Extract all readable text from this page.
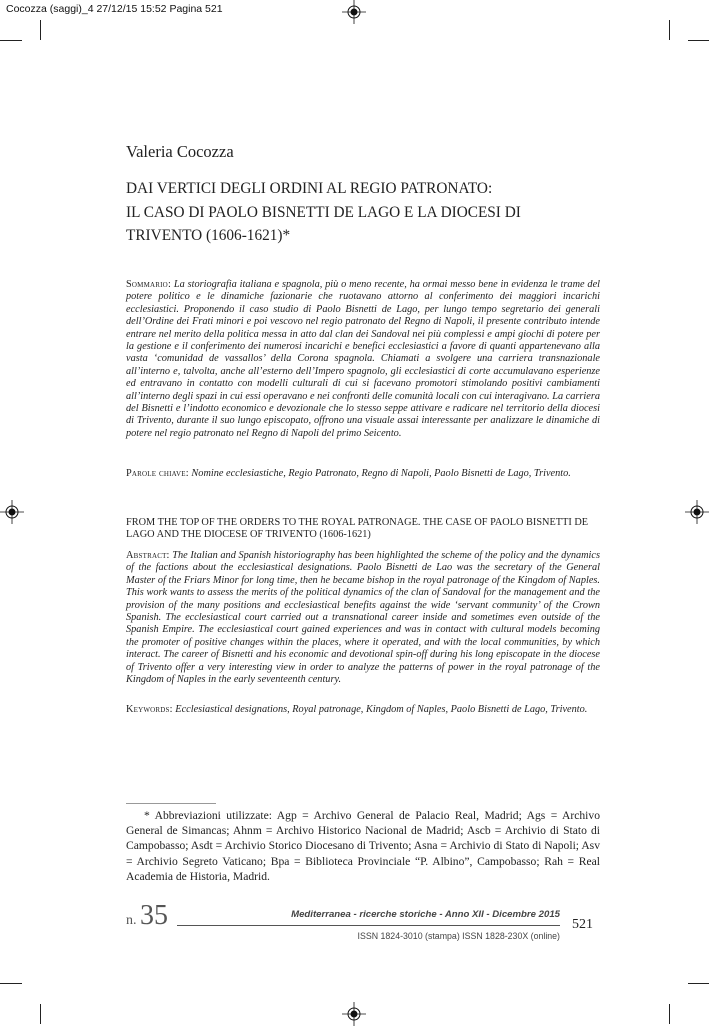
Cocozza (saggi)_4 27/12/15 15:52 Pagina 521
Valeria Cocozza
DAI VERTICI DEGLI ORDINI AL REGIO PATRONATO:
IL CASO DI PAOLO BISNETTI DE LAGO E LA DIOCESI DI
TRIVENTO (1606-1621)*

Sommario: La storiografia italiana e spagnola, più o meno recente, ha ormai messo bene in evidenza le trame del potere politico e le dinamiche fazionarie che ruotavano attorno al conferimento dei maggiori incarichi ecclesiastici. Proponendo il caso studio di Paolo Bisnetti de Lago, per lungo tempo segretario dei generali dell’Ordine dei Frati minori e poi vescovo nel regio patronato del Regno di Napoli, il presente contributo intende entrare nel merito della politica messa in atto dal clan dei Sandoval nei più complessi e ampi giochi di potere per la gestione e il conferimento dei numerosi incarichi e benefici ecclesiastici a favore di quanti appartenevano alla vasta ‘comunidad de vassallos’ della Corona spagnola. Chiamati a svolgere una carriera transnazionale all’interno e, talvolta, anche all’esterno dell’Impero spagnolo, gli ecclesiastici di corte accumulavano esperienze ed entravano in contatto con modelli culturali di cui si facevano promotori stimolando positivi cambiamenti all’interno degli spazi in cui essi operavano e nei confronti delle comunità locali con cui interagivano. La carriera del Bisnetti e l’indotto economico e devozionale che lo stesso seppe attivare e radicare nel territorio della diocesi di Trivento, durante il suo lungo episcopato, offrono una visuale assai interessante per analizzare le dinamiche di potere nel regio patronato nel Regno di Napoli del primo Seicento.

Parole chiave: Nomine ecclesiastiche, Regio Patronato, Regno di Napoli, Paolo Bisnetti de Lago, Trivento.

FROM THE TOP OF THE ORDERS TO THE ROYAL PATRONAGE. THE CASE OF PAOLO BISNETTI DE LAGO AND THE DIOCESE OF TRIVENTO (1606-1621)

Abstract: The Italian and Spanish historiography has been highlighted the scheme of the policy and the dynamics of the factions about the ecclesiastical designations. Paolo Bisnetti de Lao was the secretary of the General Master of the Friars Minor for long time, then he became bishop in the royal patronage of the Kingdom of Naples. This work wants to assess the merits of the political dynamics of the clan of Sandoval for the management and the provision of the many positions and ecclesiastical benefits against the wide ‘servant community’ of the Crown Spanish. The ecclesiastical court carried out a transnational career inside and sometimes even outside of the Spanish Empire. The ecclesiastical court gained experiences and was in contact with cultural models becoming the promoter of positive changes within the places, where it operated, and with the local communities, by which interact. The career of Bisnetti and his economic and devotional spin-off during his long episcopate in the diocese of Trivento offer a very interesting view in order to analyze the patterns of power in the royal patronage of the Kingdom of Naples in the early seventeenth century.

Keywords: Ecclesiastical designations, Royal patronage, Kingdom of Naples, Paolo Bisnetti de Lago, Trivento.

* Abbreviazioni utilizzate: Agp = Archivo General de Palacio Real, Madrid; Ags = Archivo General de Simancas; Ahnm = Archivo Historico Nacional de Madrid; Ascb = Archivio di Stato di Campobasso; Asdt = Archivio Storico Diocesano di Trivento; Asna = Archivio di Stato di Napoli; Asv = Archivio Segreto Vaticano; Bpa = Biblioteca Provinciale “P. Albino”, Campobasso; Rah = Real Academia de Historia, Madrid.

n. 35	Mediterranea - ricerche storiche - Anno XII - Dicembre 2015
ISSN 1824-3010 (stampa) ISSN 1828-230X (online)
521
